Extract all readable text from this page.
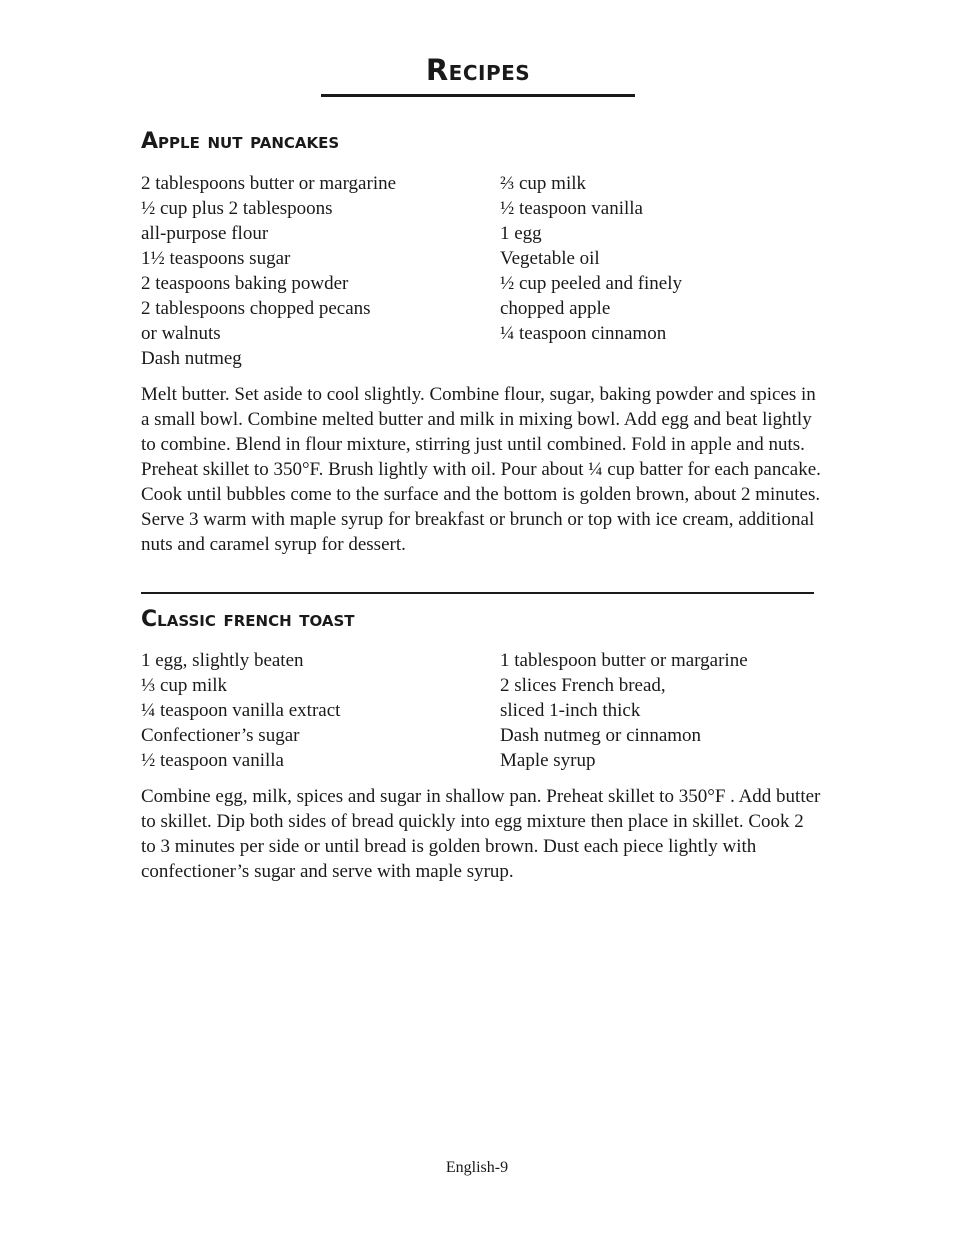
Recipes
Apple nut pancakes
2 tablespoons butter or margarine
½ cup plus 2 tablespoons
all-purpose flour
1½ teaspoons sugar
2 teaspoons baking powder
2 tablespoons chopped pecans
or walnuts
Dash nutmeg
⅔ cup milk
½ teaspoon vanilla
1 egg
Vegetable oil
½ cup peeled and finely
chopped apple
¼ teaspoon cinnamon

Melt butter. Set aside to cool slightly. Combine flour, sugar, baking powder and spices in a small bowl. Combine melted butter and milk in mixing bowl. Add egg and beat lightly to combine. Blend in flour mixture, stirring just until combined. Fold in apple and nuts. Preheat skillet to 350°F. Brush lightly with oil. Pour about ¼ cup batter for each pancake. Cook until bubbles come to the surface and the bottom is golden brown, about 2 minutes. Serve 3 warm with maple syrup for breakfast or brunch or top with ice cream, additional nuts and caramel syrup for dessert.

Classic french toast
1 egg, slightly beaten
⅓ cup milk
¼ teaspoon vanilla extract
Confectioner’s sugar
½ teaspoon vanilla
1 tablespoon butter or margarine
2 slices French bread,
sliced 1-inch thick
Dash nutmeg or cinnamon
Maple syrup

Combine egg, milk, spices and sugar in shallow pan. Preheat skillet to 350°F . Add butter to skillet. Dip both sides of bread quickly into egg mixture then place in skillet. Cook 2 to 3 minutes per side or until bread is golden brown. Dust each piece lightly with confectioner’s sugar and serve with maple syrup.

English-9
